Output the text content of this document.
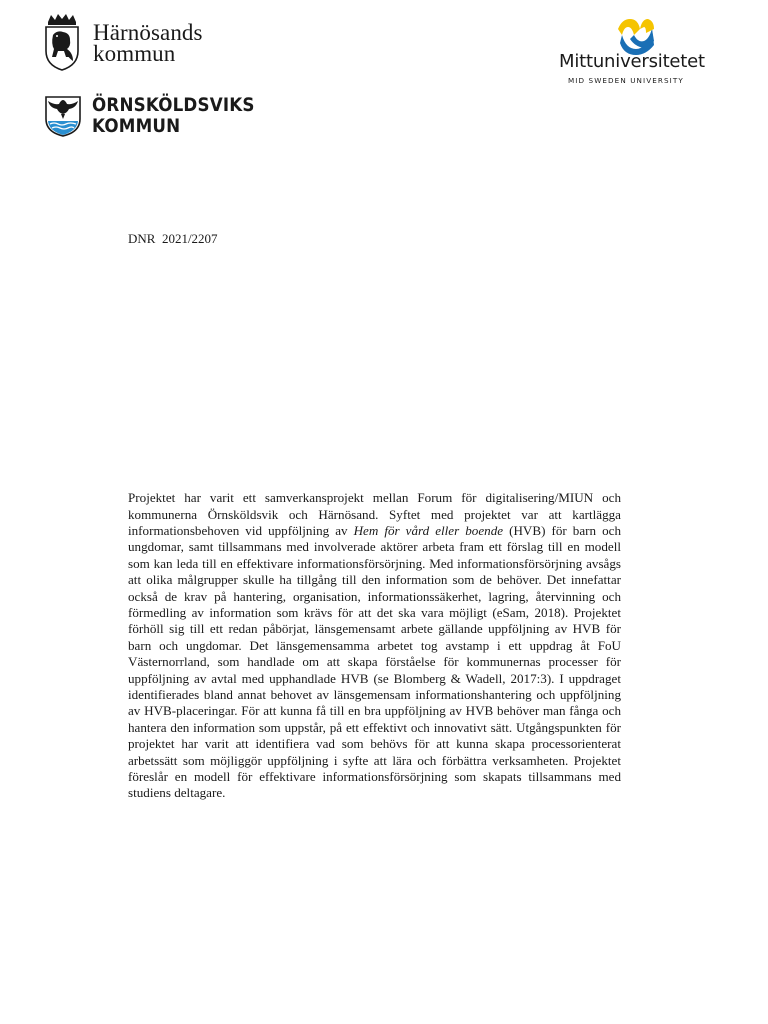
Härnösands
kommun
ÖRNSKÖLDSVIKS
KOMMUN
Mittuniversitetet
MID SWEDEN UNIVERSITY
DNR  2021/2207

Projektet har varit ett samverkansprojekt mellan Forum för digitalisering/MIUN och kommunerna Örnsköldsvik och Härnösand. Syftet med projektet var att kartlägga informationsbehoven vid uppföljning av Hem för vård eller boende (HVB) för barn och ungdomar, samt tillsammans med involverade aktörer arbeta fram ett förslag till en modell som kan leda till en effektivare informationsförsörjning. Med informationsförsörjning avsågs att olika målgrupper skulle ha tillgång till den information som de behöver. Det innefattar också de krav på hantering, organisation, informationssäkerhet, lagring, återvinning och förmedling av information som krävs för att det ska vara möjligt (eSam, 2018). Projektet förhöll sig till ett redan påbörjat, länsgemensamt arbete gällande uppföljning av HVB för barn och ungdomar. Det länsgemensamma arbetet tog avstamp i ett uppdrag åt FoU Västernorrland, som handlade om att skapa förståelse för kommunernas processer för uppföljning av avtal med upphandlade HVB (se Blomberg & Wadell, 2017:3). I uppdraget identifierades bland annat behovet av länsgemensam informationshantering och uppföljning av HVB-placeringar. För att kunna få till en bra uppföljning av HVB behöver man fånga och hantera den information som uppstår, på ett effektivt och innovativt sätt. Utgångspunkten för projektet har varit att identifiera vad som behövs för att kunna skapa processorienterat arbetssätt som möjliggör uppföljning i syfte att lära och förbättra verksamheten. Projektet föreslår en modell för effektivare informationsförsörjning som skapats tillsammans med studiens deltagare.
